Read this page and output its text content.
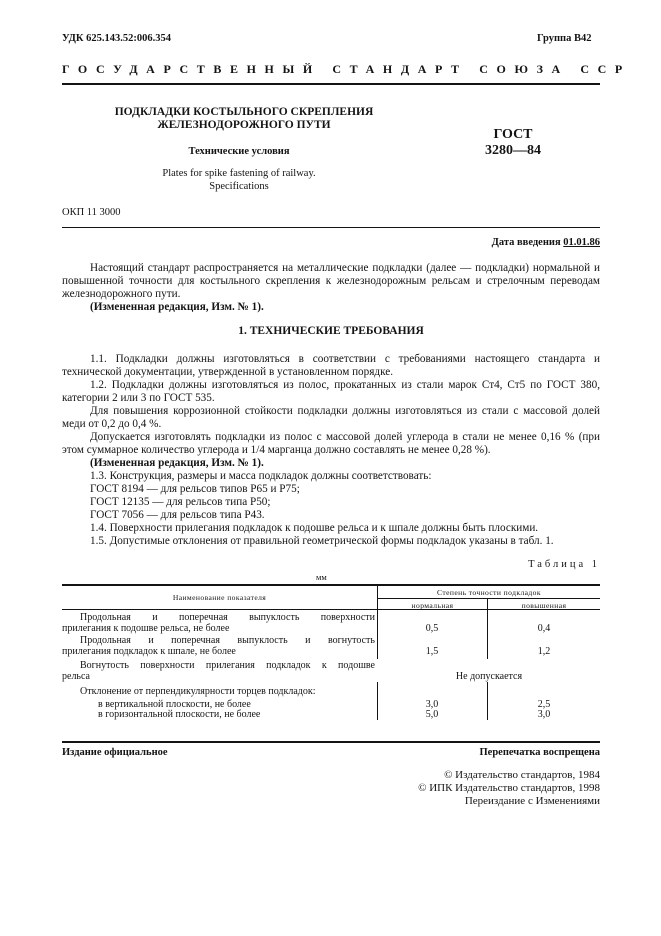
УДК 625.143.52:006.354	Группа В42
ГОСУДАРСТВЕННЫЙ СТАНДАРТ СОЮЗА ССР
ПОДКЛАДКИ КОСТЫЛЬНОГО СКРЕПЛЕНИЯ
ЖЕЛЕЗНОДОРОЖНОГО ПУТИ
Технические условия
Plates for spike fastening of railway.
Specifications
ГОСТ
3280—84
ОКП 11 3000
Дата введения 01.01.86

Настоящий стандарт распространяется на металлические подкладки (далее — подкладки) нормальной и повышенной точности для костыльного скрепления к железнодорожным рельсам и стрелочным переводам железнодорожного пути.

(Измененная редакция, Изм. № 1).

1. ТЕХНИЧЕСКИЕ ТРЕБОВАНИЯ

1.1. Подкладки должны изготовляться в соответствии с требованиями настоящего стандарта и технической документации, утвержденной в установленном порядке.

1.2. Подкладки должны изготовляться из полос, прокатанных из стали марок Ст4, Ст5 по ГОСТ 380, категории 2 или 3 по ГОСТ 535.

Для повышения коррозионной стойкости подкладки должны изготовляться из стали с массовой долей меди от 0,2 до 0,4 %.

Допускается изготовлять подкладки из полос с массовой долей углерода в стали не менее 0,16 % (при этом суммарное количество углерода и 1/4 марганца должно составлять не менее 0,28 %).

(Измененная редакция, Изм. № 1).

1.3. Конструкция, размеры и масса подкладок должны соответствовать:

ГОСТ 8194 — для рельсов типов Р65 и Р75;

ГОСТ 12135 — для рельсов типа Р50;

ГОСТ 7056 — для рельсов типа Р43.

1.4. Поверхности прилегания подкладок к подошве рельса и к шпале должны быть плоскими.

1.5. Допустимые отклонения от правильной геометрической формы подкладок указаны в табл. 1.

Таблица 1
мм
Наименование показателя
Степень точности подкладок
нормальная	повышенная
Продольная и поперечная выпуклость поверхности
прилегания к подошве рельса, не более	0,5	0,4
Продольная и поперечная выпуклость и вогнутость
прилегания подкладок к шпале, не более	1,5	1,2
Вогнутость поверхности прилегания подкладок к подошве
рельса	Не допускается
Отклонение от перпендикулярности торцев подкладок:
в вертикальной плоскости, не более	3,0	2,5
в горизонтальной плоскости, не более	5,0	3,0
Издание официальное	Перепечатка воспрещена
© Издательство стандартов, 1984
© ИПК Издательство стандартов, 1998
Переиздание с Изменениями
